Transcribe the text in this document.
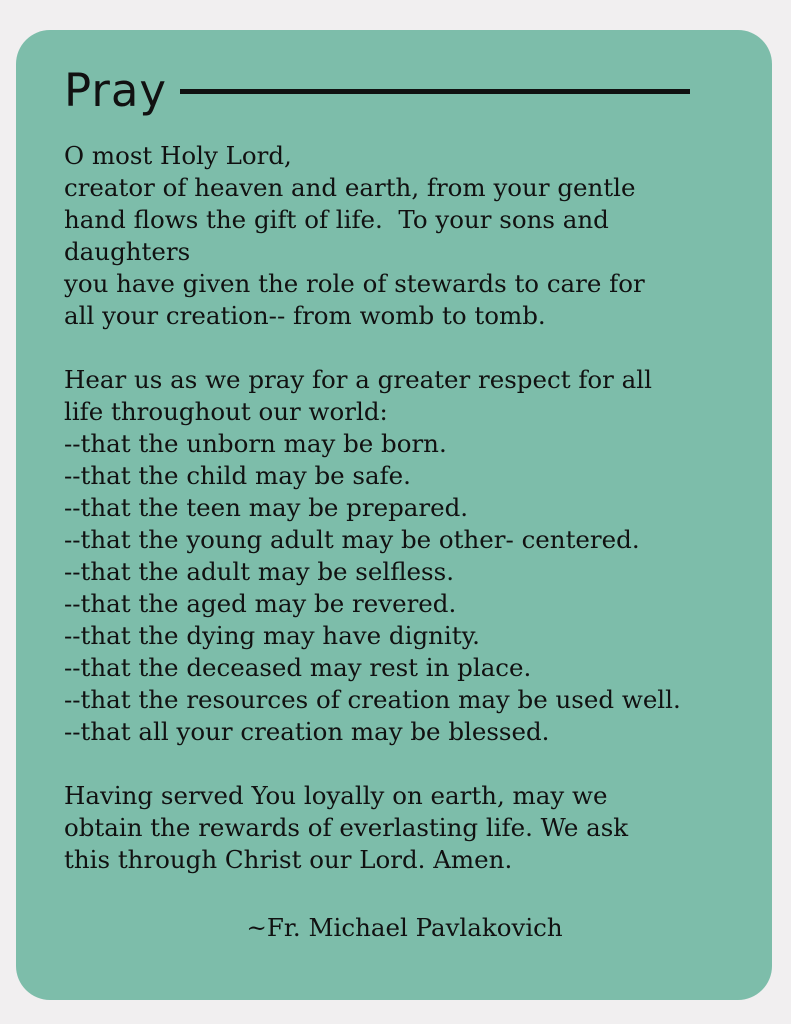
Pray
O most Holy Lord,
creator of heaven and earth, from your gentle
hand flows the gift of life.  To your sons and
daughters
you have given the role of stewards to care for
all your creation-- from womb to tomb.
Hear us as we pray for a greater respect for all
life throughout our world:
--that the unborn may be born.
--that the child may be safe.
--that the teen may be prepared.
--that the young adult may be other- centered.
--that the adult may be selfless.
--that the aged may be revered.
--that the dying may have dignity.
--that the deceased may rest in place.
--that the resources of creation may be used well.
--that all your creation may be blessed.
Having served You loyally on earth, may we
obtain the rewards of everlasting life. We ask
this through Christ our Lord. Amen.
~Fr. Michael Pavlakovich
